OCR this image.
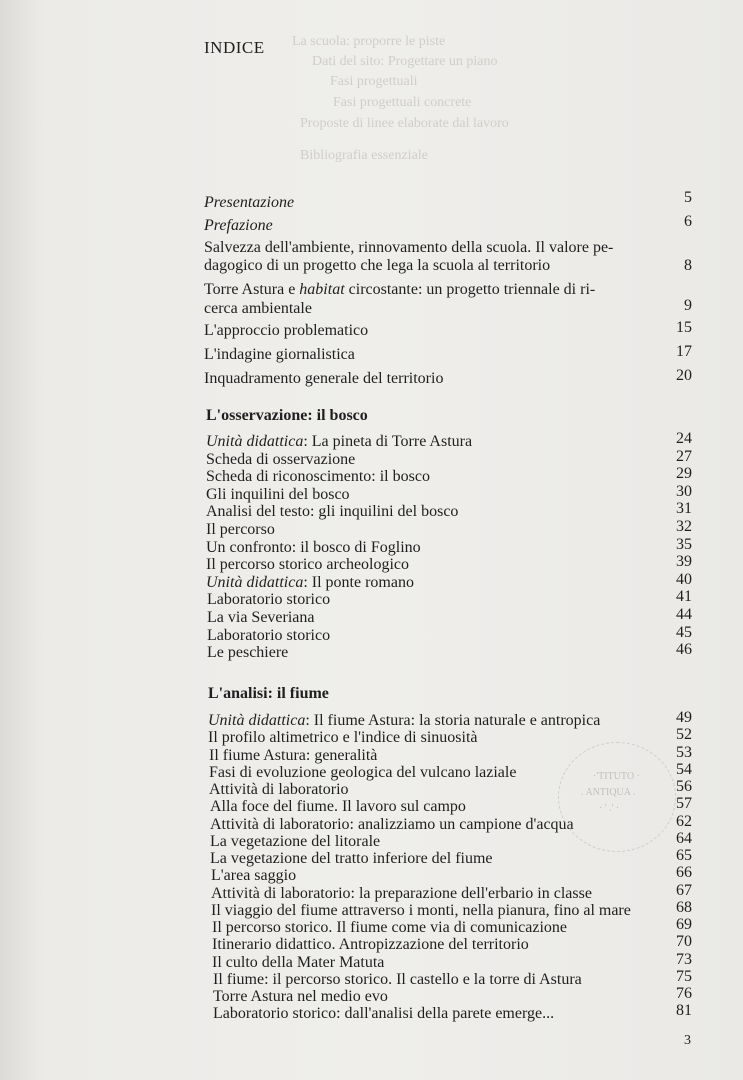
La scuola: proporre le piste
Dati del sito: Progettare un piano
Fasi progettuali
Fasi progettuali concrete
Proposte di linee elaborate dal lavoro
Bibliografia essenziale
INDICE
Presentazione	5
Prefazione	6
Salvezza dell'ambiente, rinnovamento della scuola. Il valore pe-
dagogico di un progetto che lega la scuola al territorio	8
Torre Astura e habitat circostante: un progetto triennale di ri-
cerca ambientale	9
L'approccio problematico	15
L'indagine giornalistica	17
Inquadramento generale del territorio	20
L'osservazione: il bosco
Unità didattica: La pineta di Torre Astura	24
Scheda di osservazione	27
Scheda di riconoscimento: il bosco	29
Gli inquilini del bosco	30
Analisi del testo: gli inquilini del bosco	31
Il percorso	32
Un confronto: il bosco di Foglino	35
Il percorso storico archeologico	39
Unità didattica: Il ponte romano	40
Laboratorio storico	41
La via Severiana	44
Laboratorio storico	45
Le peschiere	46
L'analisi: il fiume
Unità didattica: Il fiume Astura: la storia naturale e antropica	49
Il profilo altimetrico e l'indice di sinuosità	52
Il fiume Astura: generalità	53
Fasi di evoluzione geologica del vulcano laziale	54
Attività di laboratorio	56
Alla foce del fiume. Il lavoro sul campo	57
Attività di laboratorio: analizziamo un campione d'acqua	62
La vegetazione del litorale	64
La vegetazione del tratto inferiore del fiume	65
L'area saggio	66
Attività di laboratorio: la preparazione dell'erbario in classe	67
Il viaggio del fiume attraverso i monti, nella pianura, fino al mare	68
Il percorso storico. Il fiume come via di comunicazione	69
Itinerario didattico. Antropizzazione del territorio	70
Il culto della Mater Matuta	73
Il fiume: il percorso storico. Il castello e la torre di Astura	75
Torre Astura nel medio evo	76
Laboratorio storico: dall'analisi della parete emerge...	81
·'TITUTO ·
. ANTIQUA .
· ' .' ·
3
